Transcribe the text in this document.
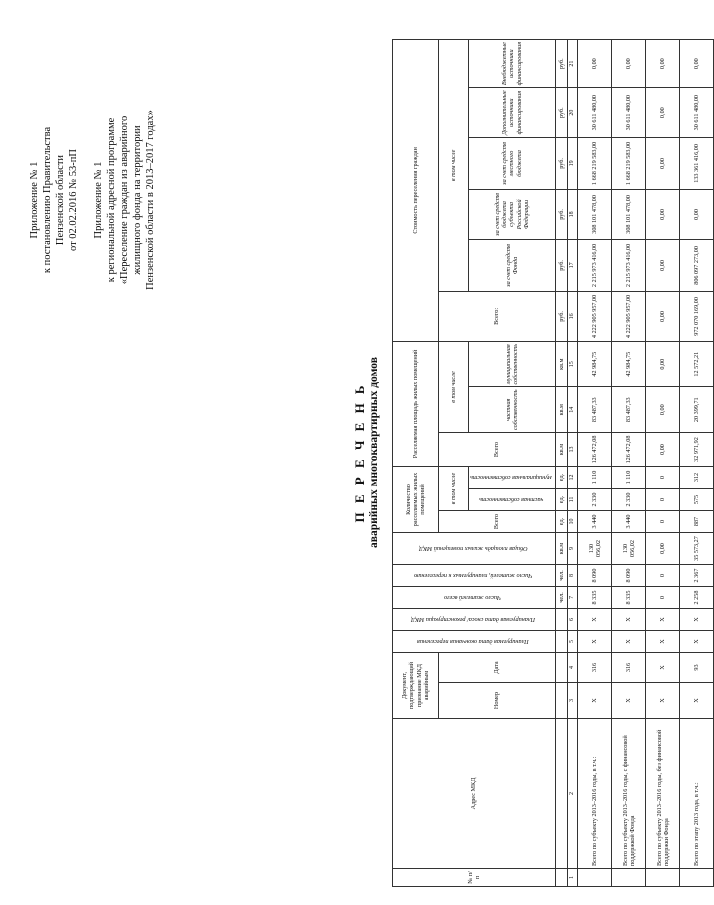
Приложение № 1 к постановлению Правительства Пензенской области от 02.02.2016 № 53-пП Приложение № 1 к региональной адресной программе «Переселение граждан из аварийного жилищного фонда на территории Пензенской области в 2013–2017 годах»
П Е Р Е Ч Е Н Ь аварийных многоквартирных домов
№ п/п	Адрес МКД	Документ, подтверждающий признание МКД аварийным		Планируемая дата окончания переселения	Планируемая дата сноса/ реконструкции МКД	Число жителей всего	Число жителей, планируемых к переселению	Общая площадь жилых помещений МКД	Количество расселяемых жилых помещений			Расселяемая площадь жилых помещений			Стоимость переселения граждан					
		Номер	Дата						Всего	в том числе		Всего	в том числе		Всего:	в том числе				
										частная собственность	муниципальная собственность		частная собственность	муниципальная собственность		за счет средств Фонда	за счет средств бюджета субъекта Российской Федерации	за счет средств местного бюджета	Дополнительные источники финансирования	Внебюджетные источники финансирования
						чел.	чел.	кв.м	ед.	ед.	ед.	кв.м	кв.м	кв.м	руб.	руб.	руб.	руб.	руб.	руб.
1	2	3	4	5	6	7	8	9	10	11	12	13	14	15	16	17	18	19	20	21
	Всего по субъекту 2013–2016 годы, в т.ч.:	Х	316	Х	Х	8 335	8 090	130 056,02	3 440	2 330	1 110	126 472,08	83 487,33	42 984,75	4 222 905 957,00	2 215 973 416,00	308 101 478,00	1 668 219 583,00	30 611 480,00	0,00
	Всего по субъекту 2013–2016 годы, с финансовой поддержкой Фонда	Х	316	Х	Х	8 335	8 090	130 056,02	3 440	2 330	1 110	126 472,08	83 487,33	42 984,75	4 222 905 957,00	2 215 973 416,00	308 101 478,00	1 668 219 583,00	30 611 480,00	0,00
	Всего по субъекту 2013–2016 годы, без финансовой поддержки Фонда	Х	Х	Х	Х	0	0	0,00	0	0	0	0,00	0,00	0,00	0,00	0,00	0,00	0,00	0,00	0,00
	Всего по этапу 2013 года, в т.ч.:	Х	93	Х	Х	2 258	2 367	35 573,27	887	575	312	32 971,92	20 399,71	12 572,21	972 070 169,00	806 097 273,00	0,00	133 361 416,00	30 611 480,00	0,00
